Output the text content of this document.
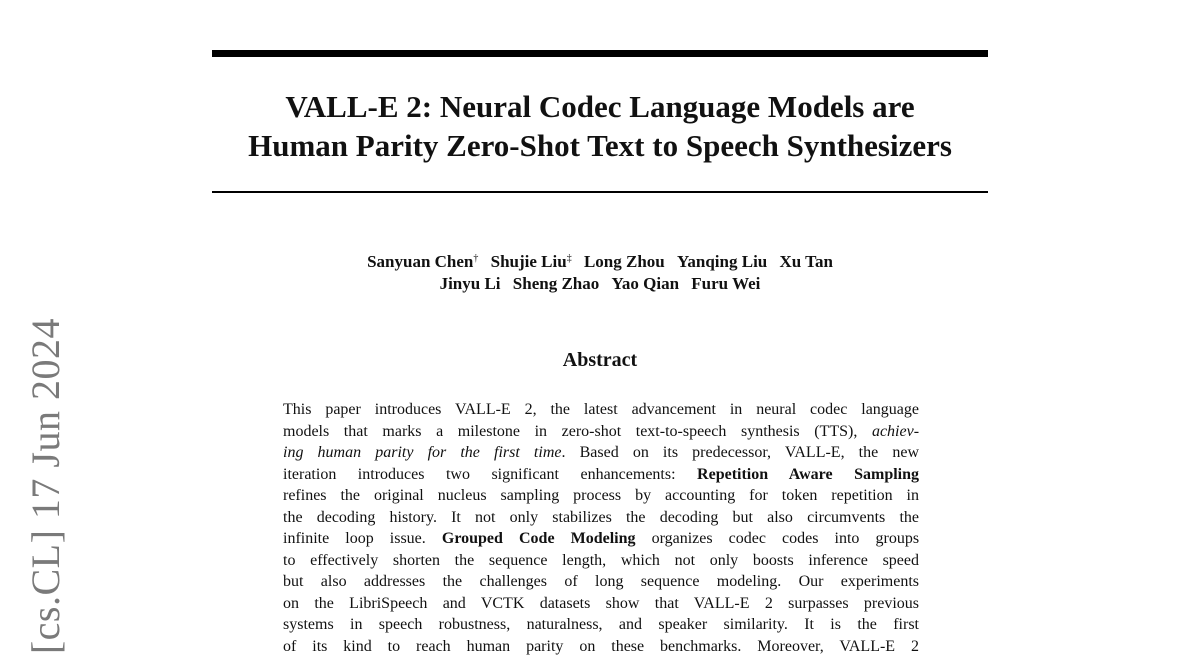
[cs.CL] 17 Jun 2024
VALL-E 2: Neural Codec Language Models are
Human Parity Zero-Shot Text to Speech Synthesizers
Sanyuan Chen† Shujie Liu‡ Long Zhou Yanqing Liu Xu Tan
Jinyu Li Sheng Zhao Yao Qian Furu Wei
Abstract
This paper introduces VALL-E 2, the latest advancement in neural codec language
models that marks a milestone in zero-shot text-to-speech synthesis (TTS), achiev-
ing human parity for the first time. Based on its predecessor, VALL-E, the new
iteration introduces two significant enhancements: Repetition Aware Sampling
refines the original nucleus sampling process by accounting for token repetition in
the decoding history. It not only stabilizes the decoding but also circumvents the
infinite loop issue. Grouped Code Modeling organizes codec codes into groups
to effectively shorten the sequence length, which not only boosts inference speed
but also addresses the challenges of long sequence modeling. Our experiments
on the LibriSpeech and VCTK datasets show that VALL-E 2 surpasses previous
systems in speech robustness, naturalness, and speaker similarity. It is the first
of its kind to reach human parity on these benchmarks. Moreover, VALL-E 2
